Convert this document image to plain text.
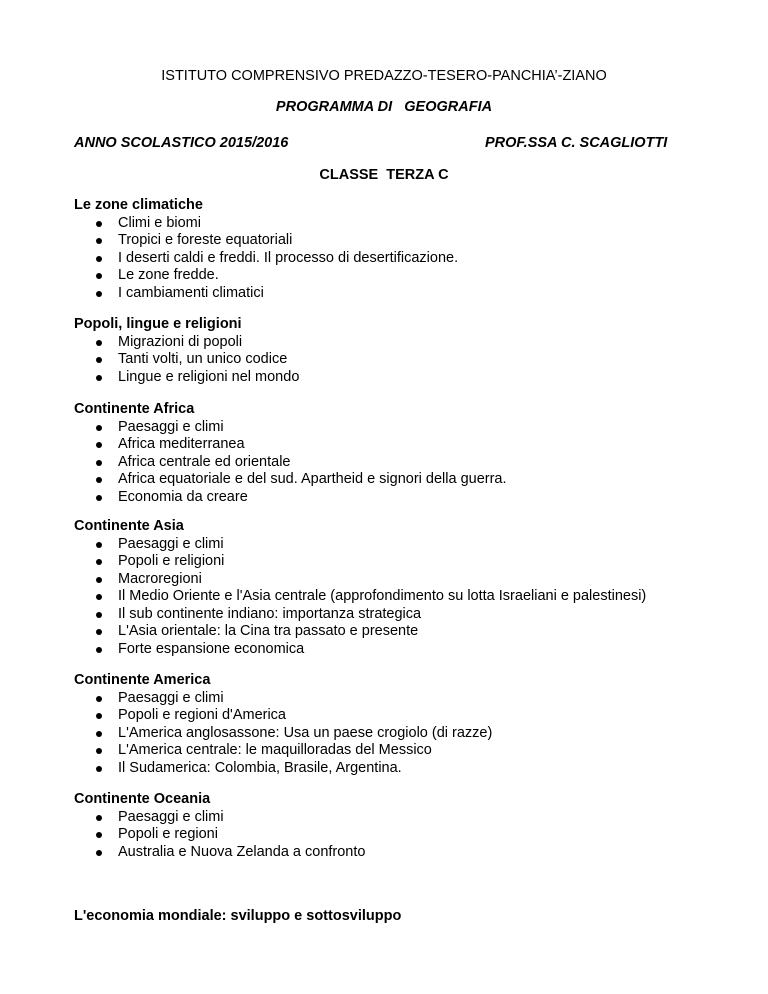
ISTITUTO COMPRENSIVO PREDAZZO-TESERO-PANCHIA’-ZIANO
PROGRAMMA DI   GEOGRAFIA
ANNO SCOLASTICO 2015/2016	PROF.SSA C. SCAGLIOTTI
CLASSE  TERZA C
Le zone climatiche
Climi e biomi
Tropici e foreste equatoriali
I deserti caldi e freddi. Il processo di desertificazione.
Le zone fredde.
I cambiamenti climatici
Popoli, lingue e religioni
Migrazioni di popoli
Tanti volti, un unico codice
Lingue e religioni nel mondo
Continente Africa
Paesaggi e climi
Africa mediterranea
Africa centrale ed orientale
Africa equatoriale e del sud. Apartheid e signori della guerra.
Economia da creare
Continente Asia
Paesaggi e climi
Popoli e religioni
Macroregioni
Il Medio Oriente e l'Asia centrale (approfondimento su lotta Israeliani e palestinesi)
Il sub continente indiano: importanza strategica
L'Asia orientale: la Cina tra passato e presente
Forte espansione economica
Continente America
Paesaggi e climi
Popoli e regioni d'America
L'America anglosassone: Usa un paese crogiolo (di razze)
L'America centrale: le maquilloradas del Messico
Il Sudamerica: Colombia, Brasile, Argentina.
Continente Oceania
Paesaggi e climi
Popoli e regioni
Australia e Nuova Zelanda a confronto
L'economia mondiale: sviluppo e sottosviluppo
